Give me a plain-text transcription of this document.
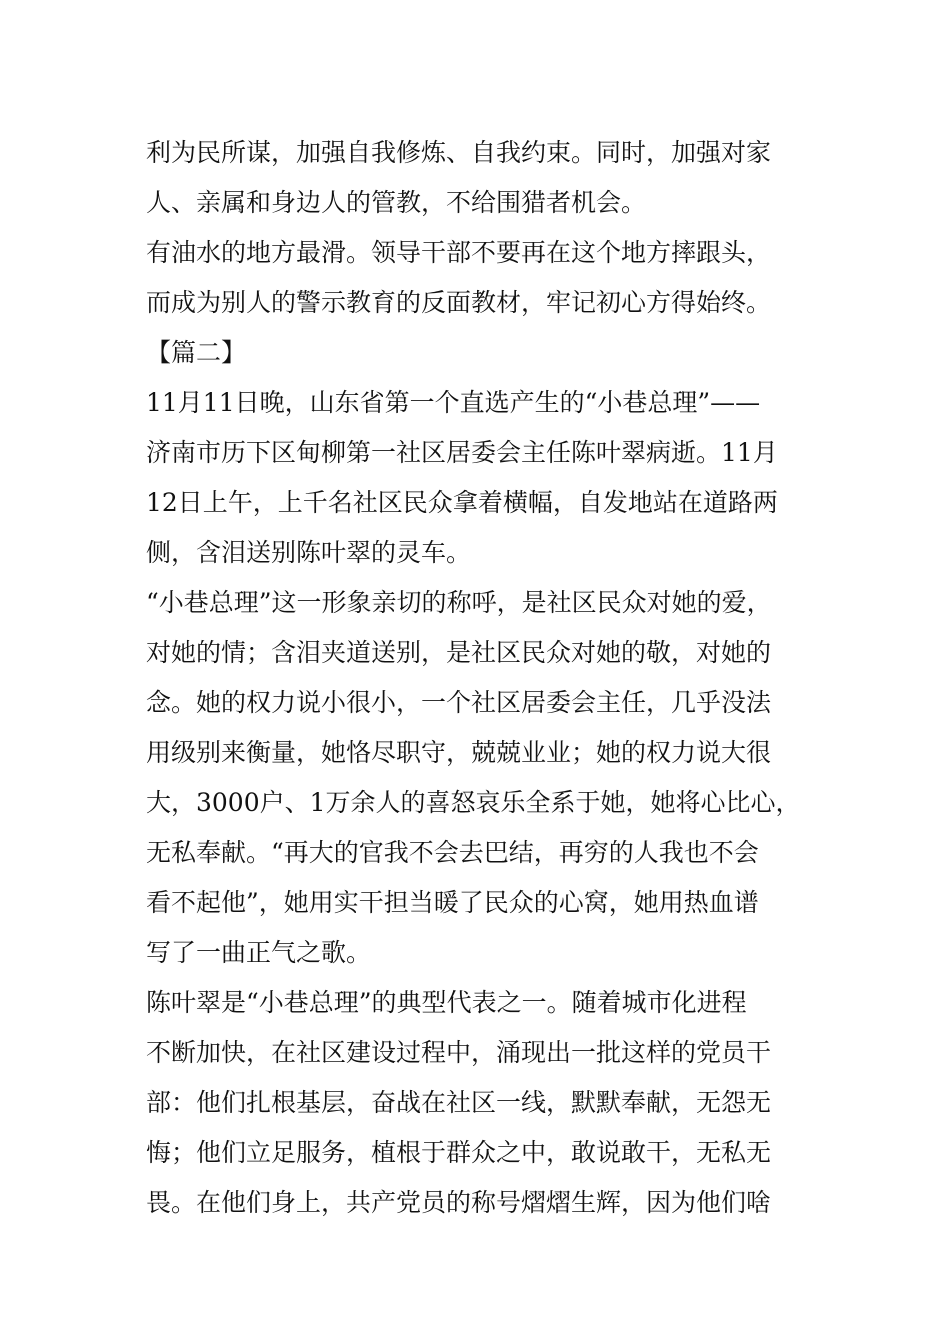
利为民所谋，加强自我修炼、自我约束。同时，加强对家
人、亲属和身边人的管教，不给围猎者机会。
有油水的地方最滑。领导干部不要再在这个地方摔跟头，
而成为别人的警示教育的反面教材，牢记初心方得始终。
【篇二】
11月11日晚，山东省第一个直选产生的“小巷总理”——
济南市历下区甸柳第一社区居委会主任陈叶翠病逝。11月
12日上午，上千名社区民众拿着横幅，自发地站在道路两
侧，含泪送别陈叶翠的灵车。
“小巷总理”这一形象亲切的称呼，是社区民众对她的爱，
对她的情；含泪夹道送别，是社区民众对她的敬，对她的
念。她的权力说小很小，一个社区居委会主任，几乎没法
用级别来衡量，她恪尽职守，兢兢业业；她的权力说大很
大，3000户、1万余人的喜怒哀乐全系于她，她将心比心，
无私奉献。“再大的官我不会去巴结，再穷的人我也不会
看不起他”，她用实干担当暖了民众的心窝，她用热血谱
写了一曲正气之歌。
陈叶翠是“小巷总理”的典型代表之一。随着城市化进程
不断加快，在社区建设过程中，涌现出一批这样的党员干
部：他们扎根基层，奋战在社区一线，默默奉献，无怨无
悔；他们立足服务，植根于群众之中，敢说敢干，无私无
畏。在他们身上，共产党员的称号熠熠生辉，因为他们啥
